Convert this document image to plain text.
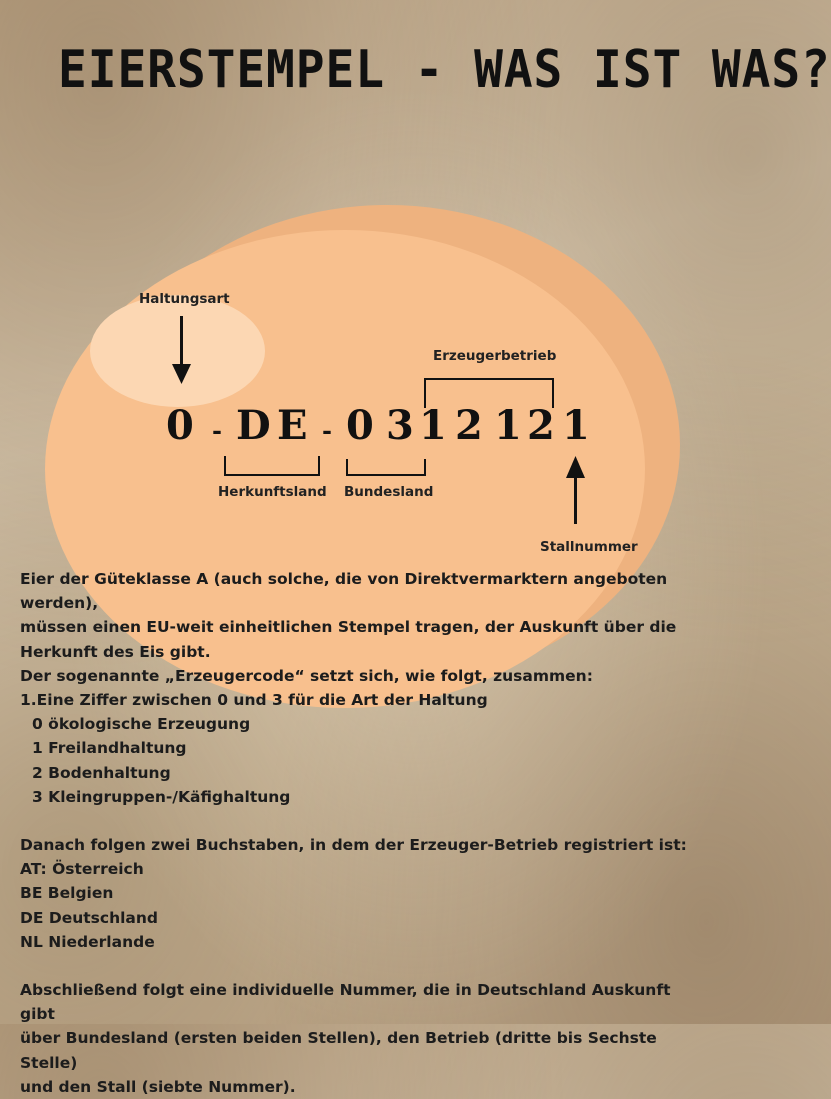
EIERSTEMPEL - WAS IST WAS?
Haltungsart
Erzeugerbetrieb
Herkunftsland Bundesland
Stallnummer
0 - D E - 0 3 1 2 1 2 1

Eier der Güteklasse A (auch solche, die von Direktvermarktern angeboten werden),

müssen einen EU-weit einheitlichen Stempel tragen, der Auskunft über die

Herkunft des Eis gibt.

Der sogenannte „Erzeugercode“ setzt sich, wie folgt, zusammen:

1.Eine Ziffer zwischen 0 und 3 für die Art der Haltung

0 ökologische Erzeugung

1 Freilandhaltung

2 Bodenhaltung

3 Kleingruppen-/Käfighaltung

Danach folgen zwei Buchstaben, in dem der Erzeuger-Betrieb registriert ist:

AT: Österreich

BE Belgien

DE Deutschland

NL Niederlande

Abschließend folgt eine individuelle Nummer, die in Deutschland Auskunft gibt

über Bundesland (ersten beiden Stellen), den Betrieb (dritte bis Sechste Stelle)

und den Stall (siebte Nummer).
